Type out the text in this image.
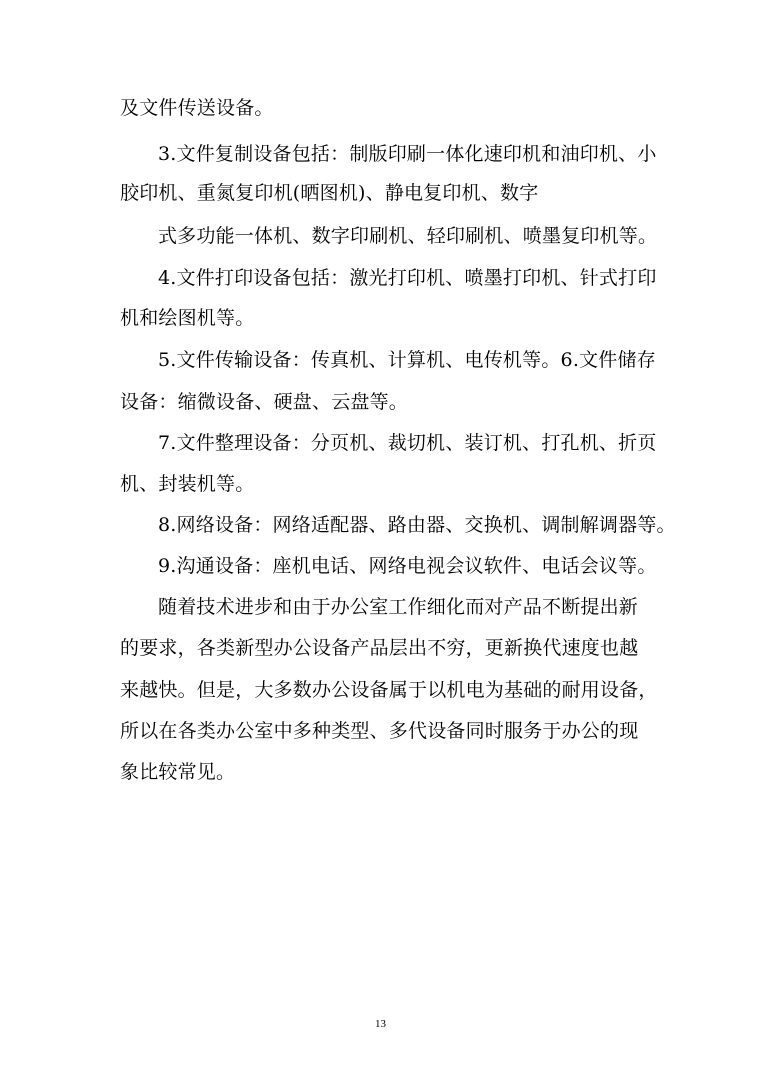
及文件传送设备。
3.文件复制设备包括：制版印刷一体化速印机和油印机、小
胶印机、重氮复印机(晒图机)、静电复印机、数字
式多功能一体机、数字印刷机、轻印刷机、喷墨复印机等。
4.文件打印设备包括：激光打印机、喷墨打印机、针式打印
机和绘图机等。
5.文件传输设备：传真机、计算机、电传机等。6.文件储存
设备：缩微设备、硬盘、云盘等。
7.文件整理设备：分页机、裁切机、装订机、打孔机、折页
机、封装机等。
8.网络设备：网络适配器、路由器、交换机、调制解调器等。
9.沟通设备：座机电话、网络电视会议软件、电话会议等。
随着技术进步和由于办公室工作细化而对产品不断提出新
的要求，各类新型办公设备产品层出不穷，更新换代速度也越
来越快。但是，大多数办公设备属于以机电为基础的耐用设备，
所以在各类办公室中多种类型、多代设备同时服务于办公的现
象比较常见。
13
